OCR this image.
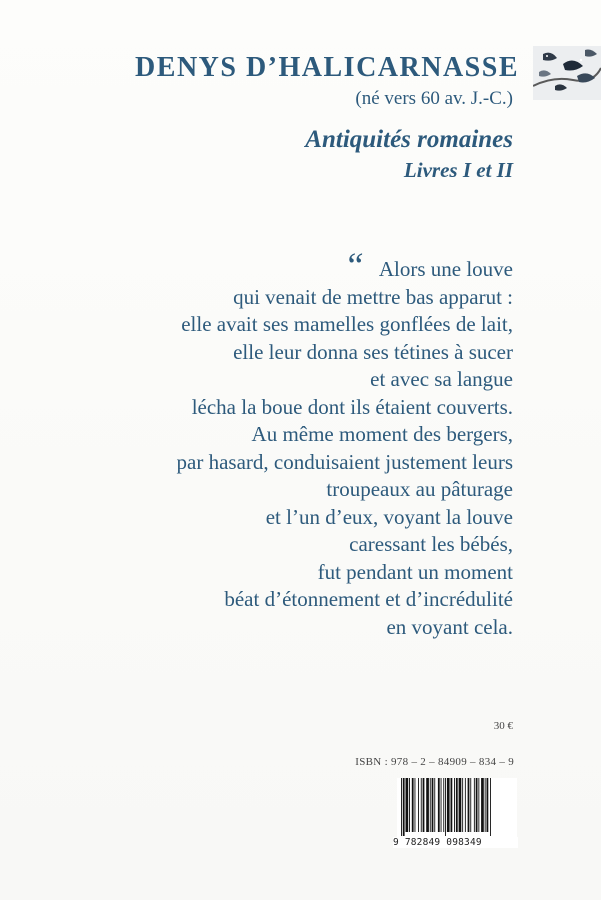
DENYS D’HALICARNASSE
(né vers 60 av. J.-C.)
Antiquités romaines
Livres I et II
“ Alors une louve
qui venait de mettre bas apparut :
elle avait ses mamelles gonflées de lait,
elle leur donna ses tétines à sucer
et avec sa langue
lécha la boue dont ils étaient couverts.
Au même moment des bergers,
par hasard, conduisaient justement leurs
troupeaux au pâturage
et l’un d’eux, voyant la louve
caressant les bébés,
fut pendant un moment
béat d’étonnement et d’incrédulité
en voyant cela.

30 €
ISBN : 978 – 2 – 84909 – 834 – 9
9 782849 098349
